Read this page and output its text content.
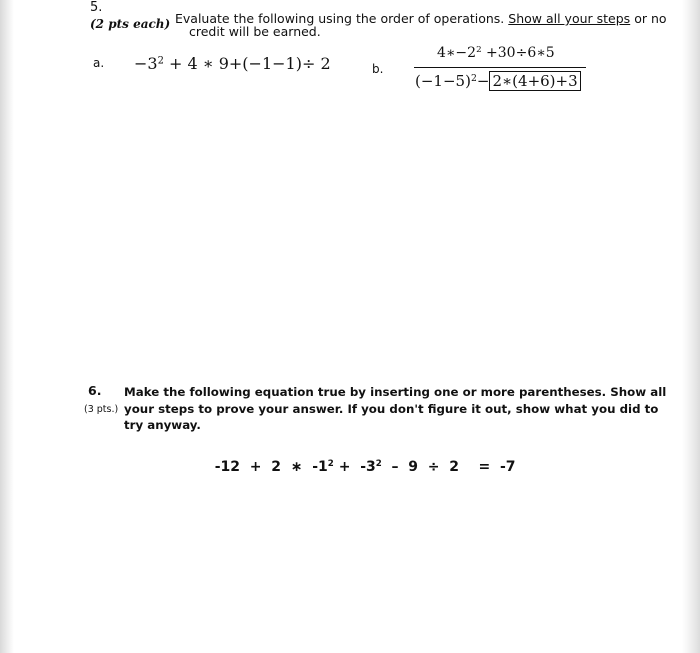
5.
(2 pts each) Evaluate the following using the order of operations. Show all your steps or no
credit will be earned.
a. $-3^2 + 4$ ∗ 9+(−1−1)÷ 2	b.
$4∗-2^2$ +30÷6∗5
$(-1-5)^2-$ 2∗(4+6)+3
6.
(3 pts.)
Make the following equation true by inserting one or more parentheses. Show all
your steps to prove your answer. If you don't figure it out, show what you did to
try anyway.

-12  +  2  ∗  $-1^2 + -3^2 - 9 \div 2$    =  -7
